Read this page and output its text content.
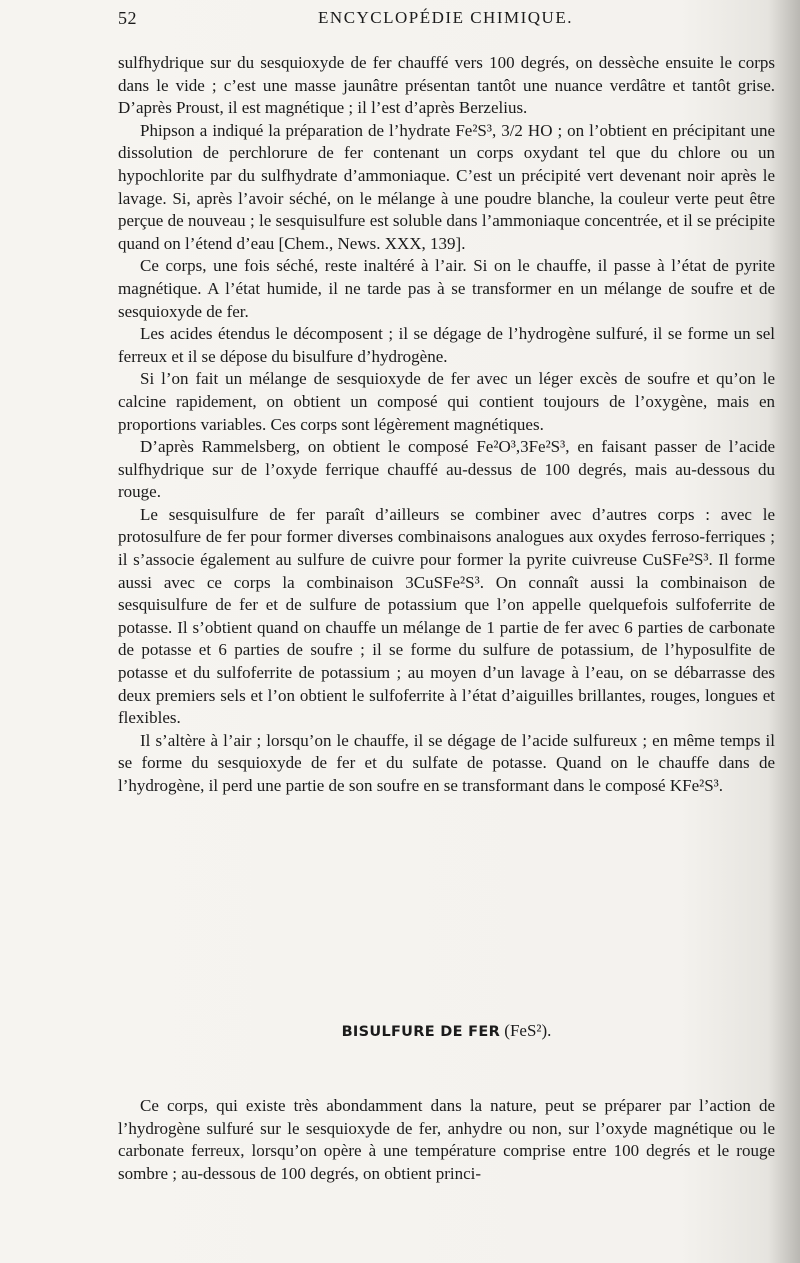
52	ENCYCLOPÉDIE CHIMIQUE.

sulfhydrique sur du sesquioxyde de fer chauffé vers 100 degrés, on dessèche ensuite le corps dans le vide ; c’est une masse jaunâtre présentan tantôt une nuance verdâtre et tantôt grise. D’après Proust, il est magnétique ; il l’est d’après Berzelius.

Phipson a indiqué la préparation de l’hydrate Fe²S³, 3/2 HO ; on l’obtient en précipitant une dissolution de perchlorure de fer contenant un corps oxydant tel que du chlore ou un hypochlorite par du sulfhydrate d’ammoniaque. C’est un précipité vert devenant noir après le lavage. Si, après l’avoir séché, on le mélange à une poudre blanche, la couleur verte peut être perçue de nouveau ; le sesquisulfure est soluble dans l’ammoniaque concentrée, et il se précipite quand on l’étend d’eau [Chem., News. XXX, 139].

Ce corps, une fois séché, reste inaltéré à l’air. Si on le chauffe, il passe à l’état de pyrite magnétique. A l’état humide, il ne tarde pas à se transformer en un mélange de soufre et de sesquioxyde de fer.

Les acides étendus le décomposent ; il se dégage de l’hydrogène sulfuré, il se forme un sel ferreux et il se dépose du bisulfure d’hydrogène.

Si l’on fait un mélange de sesquioxyde de fer avec un léger excès de soufre et qu’on le calcine rapidement, on obtient un composé qui contient toujours de l’oxygène, mais en proportions variables. Ces corps sont légèrement magnétiques.

D’après Rammelsberg, on obtient le composé Fe²O³,3Fe²S³, en faisant passer de l’acide sulfhydrique sur de l’oxyde ferrique chauffé au-dessus de 100 degrés, mais au-dessous du rouge.

Le sesquisulfure de fer paraît d’ailleurs se combiner avec d’autres corps : avec le protosulfure de fer pour former diverses combinaisons analogues aux oxydes ferroso-ferriques ; il s’associe également au sulfure de cuivre pour former la pyrite cuivreuse CuSFe²S³. Il forme aussi avec ce corps la combinaison 3CuSFe²S³. On connaît aussi la combinaison de sesquisulfure de fer et de sulfure de potassium que l’on appelle quelquefois sulfoferrite de potasse. Il s’obtient quand on chauffe un mélange de 1 partie de fer avec 6 parties de carbonate de potasse et 6 parties de soufre ; il se forme du sulfure de potassium, de l’hyposulfite de potasse et du sulfoferrite de potassium ; au moyen d’un lavage à l’eau, on se débarrasse des deux premiers sels et l’on obtient le sulfoferrite à l’état d’aiguilles brillantes, rouges, longues et flexibles.

Il s’altère à l’air ; lorsqu’on le chauffe, il se dégage de l’acide sulfureux ; en même temps il se forme du sesquioxyde de fer et du sulfate de potasse. Quand on le chauffe dans de l’hydrogène, il perd une partie de son soufre en se transformant dans le composé KFe²S³.

BISULFURE DE FER (FeS²).

Ce corps, qui existe très abondamment dans la nature, peut se préparer par l’action de l’hydrogène sulfuré sur le sesquioxyde de fer, anhydre ou non, sur l’oxyde magnétique ou le carbonate ferreux, lorsqu’on opère à une température comprise entre 100 degrés et le rouge sombre ; au-dessous de 100 degrés, on obtient princi-
